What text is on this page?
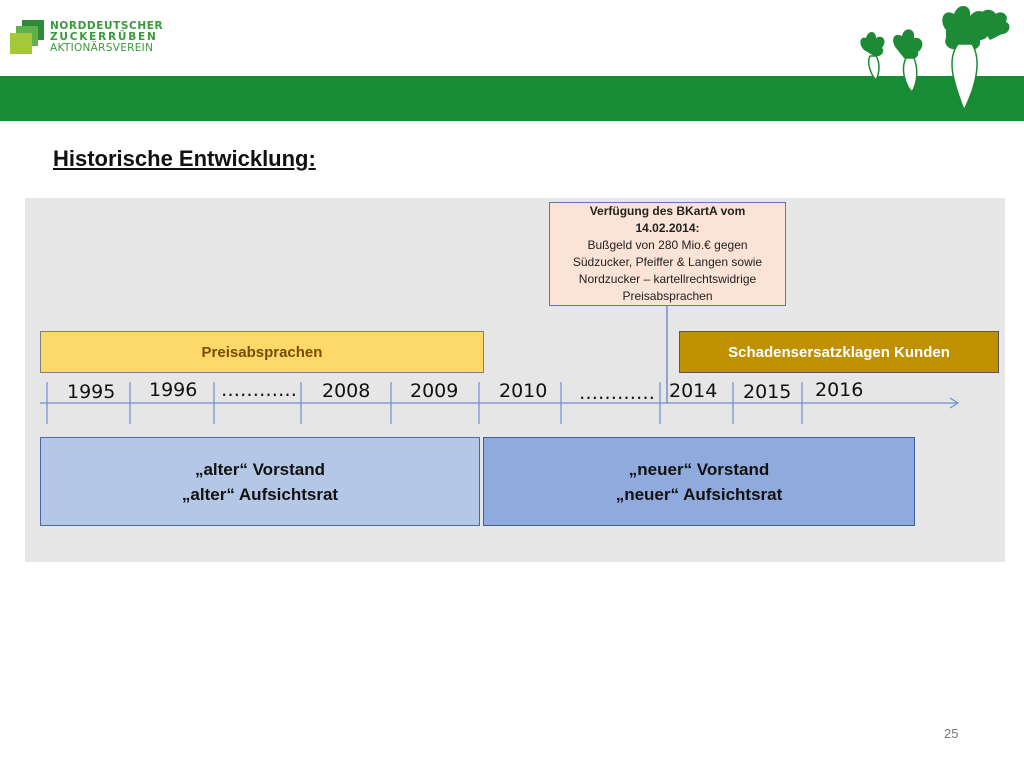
NORDDEUTSCHER
ZUCKERRÜBEN
AKTIONÄRSVEREIN
Historische Entwicklung:
Verfügung des BKartA vom
14.02.2014:
Bußgeld von 280 Mio.€ gegen
Südzucker, Pfeiffer & Langen sowie
Nordzucker – kartellrechtswidrige
Preisabsprachen
Preisabsprachen	Schadensersatzklagen Kunden
1995 1996 ………… 2008 2009 2010 ………… 2014 2015 2016
„alter“ Vorstand
„alter“ Aufsichtsrat
„neuer“ Vorstand
„neuer“ Aufsichtsrat
25
